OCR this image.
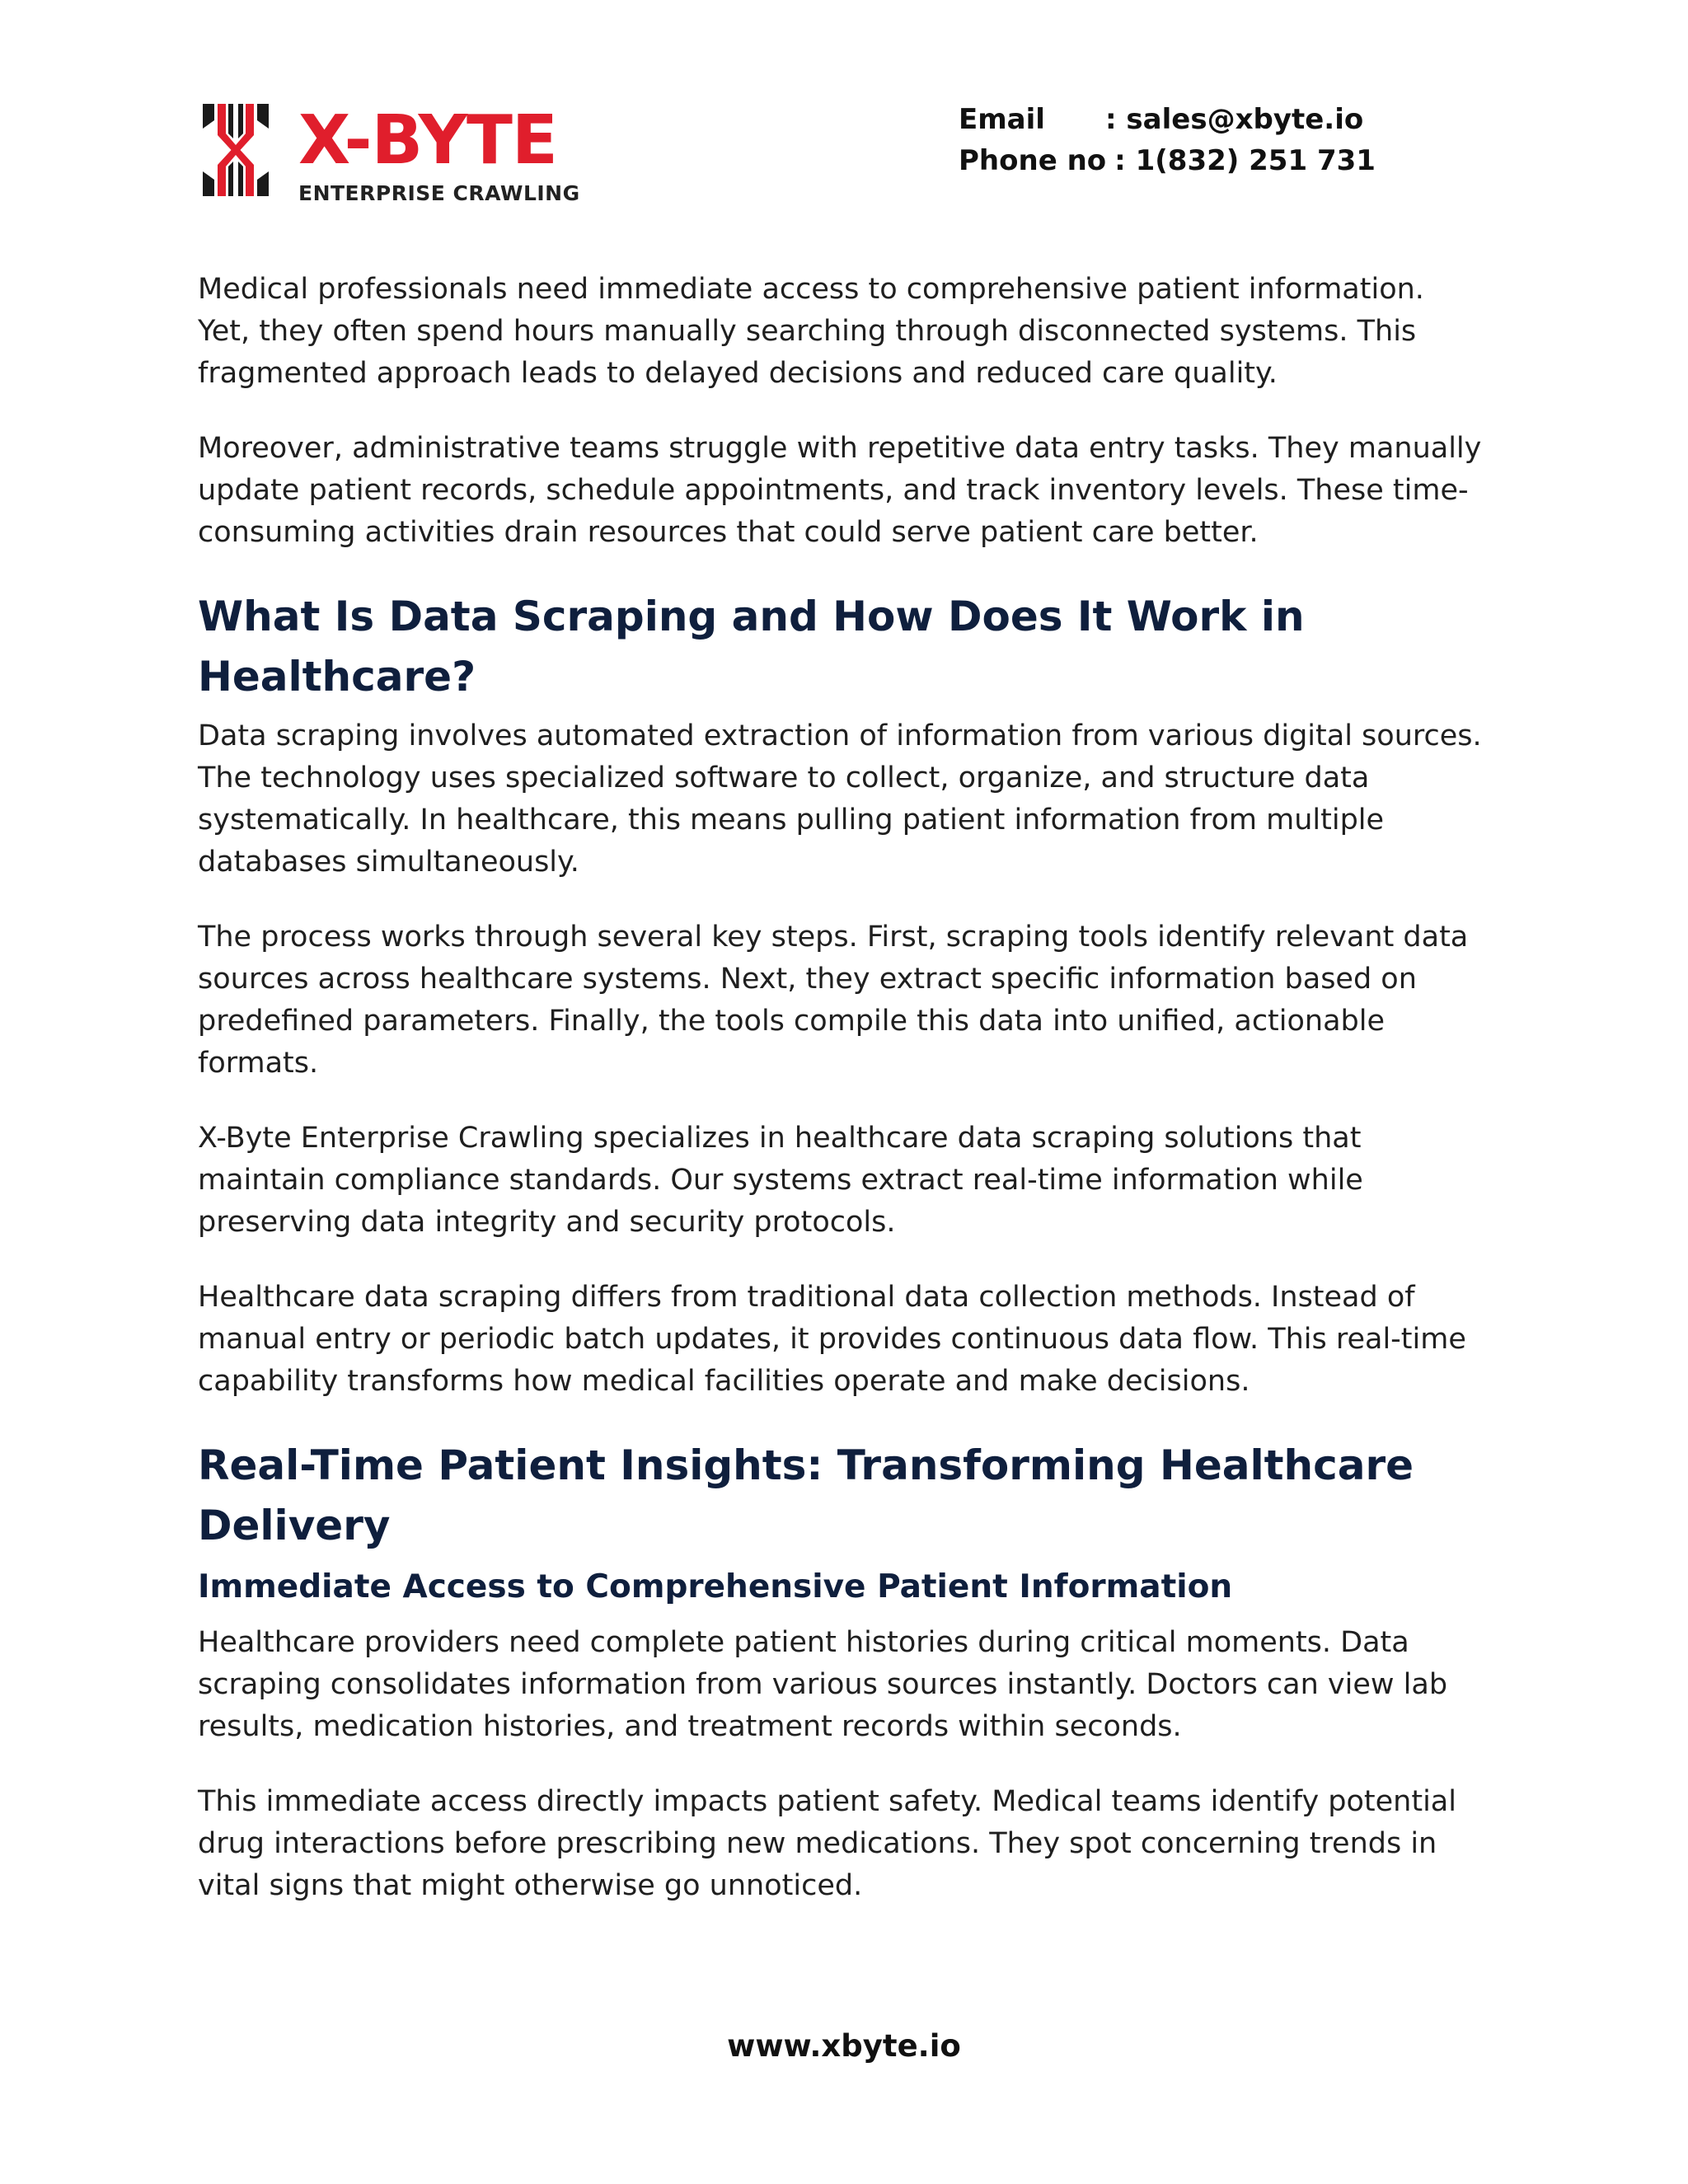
X-BYTE
ENTERPRISE CRAWLING
Email	: sales@xbyte.io
Phone no : 1(832) 251 731

Medical professionals need immediate access to comprehensive patient information. Yet, they often spend hours manually searching through disconnected systems. This fragmented approach leads to delayed decisions and reduced care quality.

Moreover, administrative teams struggle with repetitive data entry tasks. They manually update patient records, schedule appointments, and track inventory levels. These time-consuming activities drain resources that could serve patient care better.

What Is Data Scraping and How Does It Work in Healthcare?

Data scraping involves automated extraction of information from various digital sources. The technology uses specialized software to collect, organize, and structure data systematically. In healthcare, this means pulling patient information from multiple databases simultaneously.

The process works through several key steps. First, scraping tools identify relevant data sources across healthcare systems. Next, they extract specific information based on predefined parameters. Finally, the tools compile this data into unified, actionable formats.

X-Byte Enterprise Crawling specializes in healthcare data scraping solutions that maintain compliance standards. Our systems extract real-time information while preserving data integrity and security protocols.

Healthcare data scraping differs from traditional data collection methods. Instead of manual entry or periodic batch updates, it provides continuous data flow. This real-time capability transforms how medical facilities operate and make decisions.

Real-Time Patient Insights: Transforming Healthcare Delivery
Immediate Access to Comprehensive Patient Information

Healthcare providers need complete patient histories during critical moments. Data scraping consolidates information from various sources instantly. Doctors can view lab results, medication histories, and treatment records within seconds.

This immediate access directly impacts patient safety. Medical teams identify potential drug interactions before prescribing new medications. They spot concerning trends in vital signs that might otherwise go unnoticed.

www.xbyte.io
